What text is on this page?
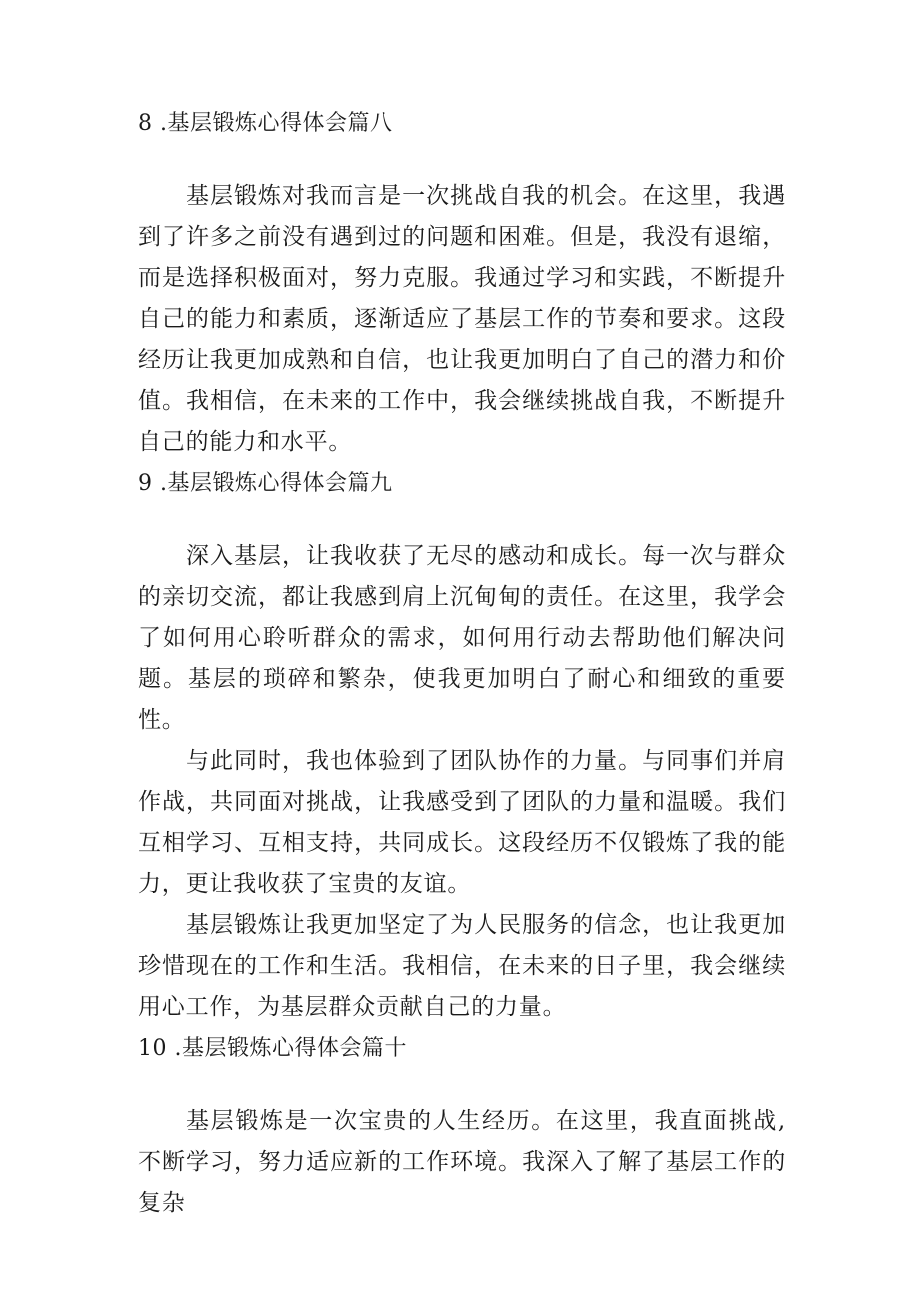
8 .基层锻炼心得体会篇八

基层锻炼对我而言是一次挑战自我的机会。在这里，我遇到了许多之前没有遇到过的问题和困难。但是，我没有退缩，而是选择积极面对，努力克服。我通过学习和实践，不断提升自己的能力和素质，逐渐适应了基层工作的节奏和要求。这段经历让我更加成熟和自信，也让我更加明白了自己的潜力和价值。我相信，在未来的工作中，我会继续挑战自我，不断提升自己的能力和水平。

9 .基层锻炼心得体会篇九

深入基层，让我收获了无尽的感动和成长。每一次与群众的亲切交流，都让我感到肩上沉甸甸的责任。在这里，我学会了如何用心聆听群众的需求，如何用行动去帮助他们解决问题。基层的琐碎和繁杂，使我更加明白了耐心和细致的重要性。

与此同时，我也体验到了团队协作的力量。与同事们并肩作战，共同面对挑战，让我感受到了团队的力量和温暖。我们互相学习、互相支持，共同成长。这段经历不仅锻炼了我的能力，更让我收获了宝贵的友谊。

基层锻炼让我更加坚定了为人民服务的信念，也让我更加珍惜现在的工作和生活。我相信，在未来的日子里，我会继续用心工作，为基层群众贡献自己的力量。

10 .基层锻炼心得体会篇十

基层锻炼是一次宝贵的人生经历。在这里，我直面挑战,不断学习，努力适应新的工作环境。我深入了解了基层工作的复杂
